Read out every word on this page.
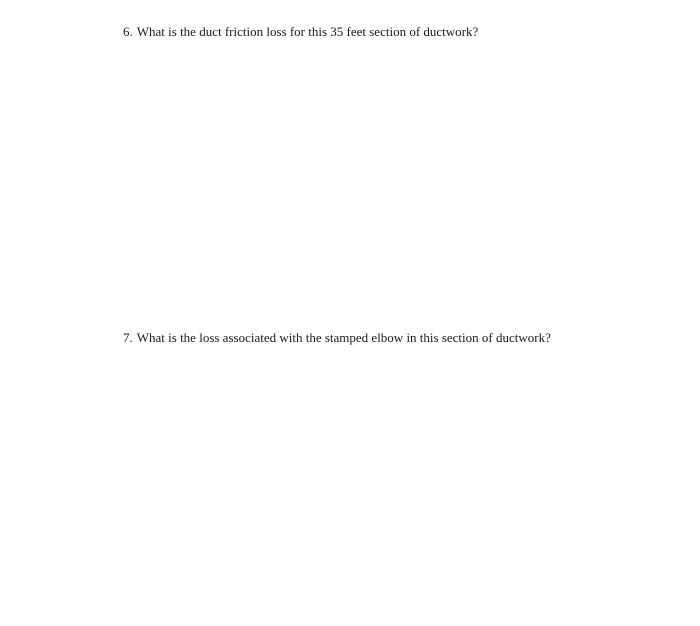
6. What is the duct friction loss for this 35 feet section of ductwork?
7. What is the loss associated with the stamped elbow in this section of ductwork?
